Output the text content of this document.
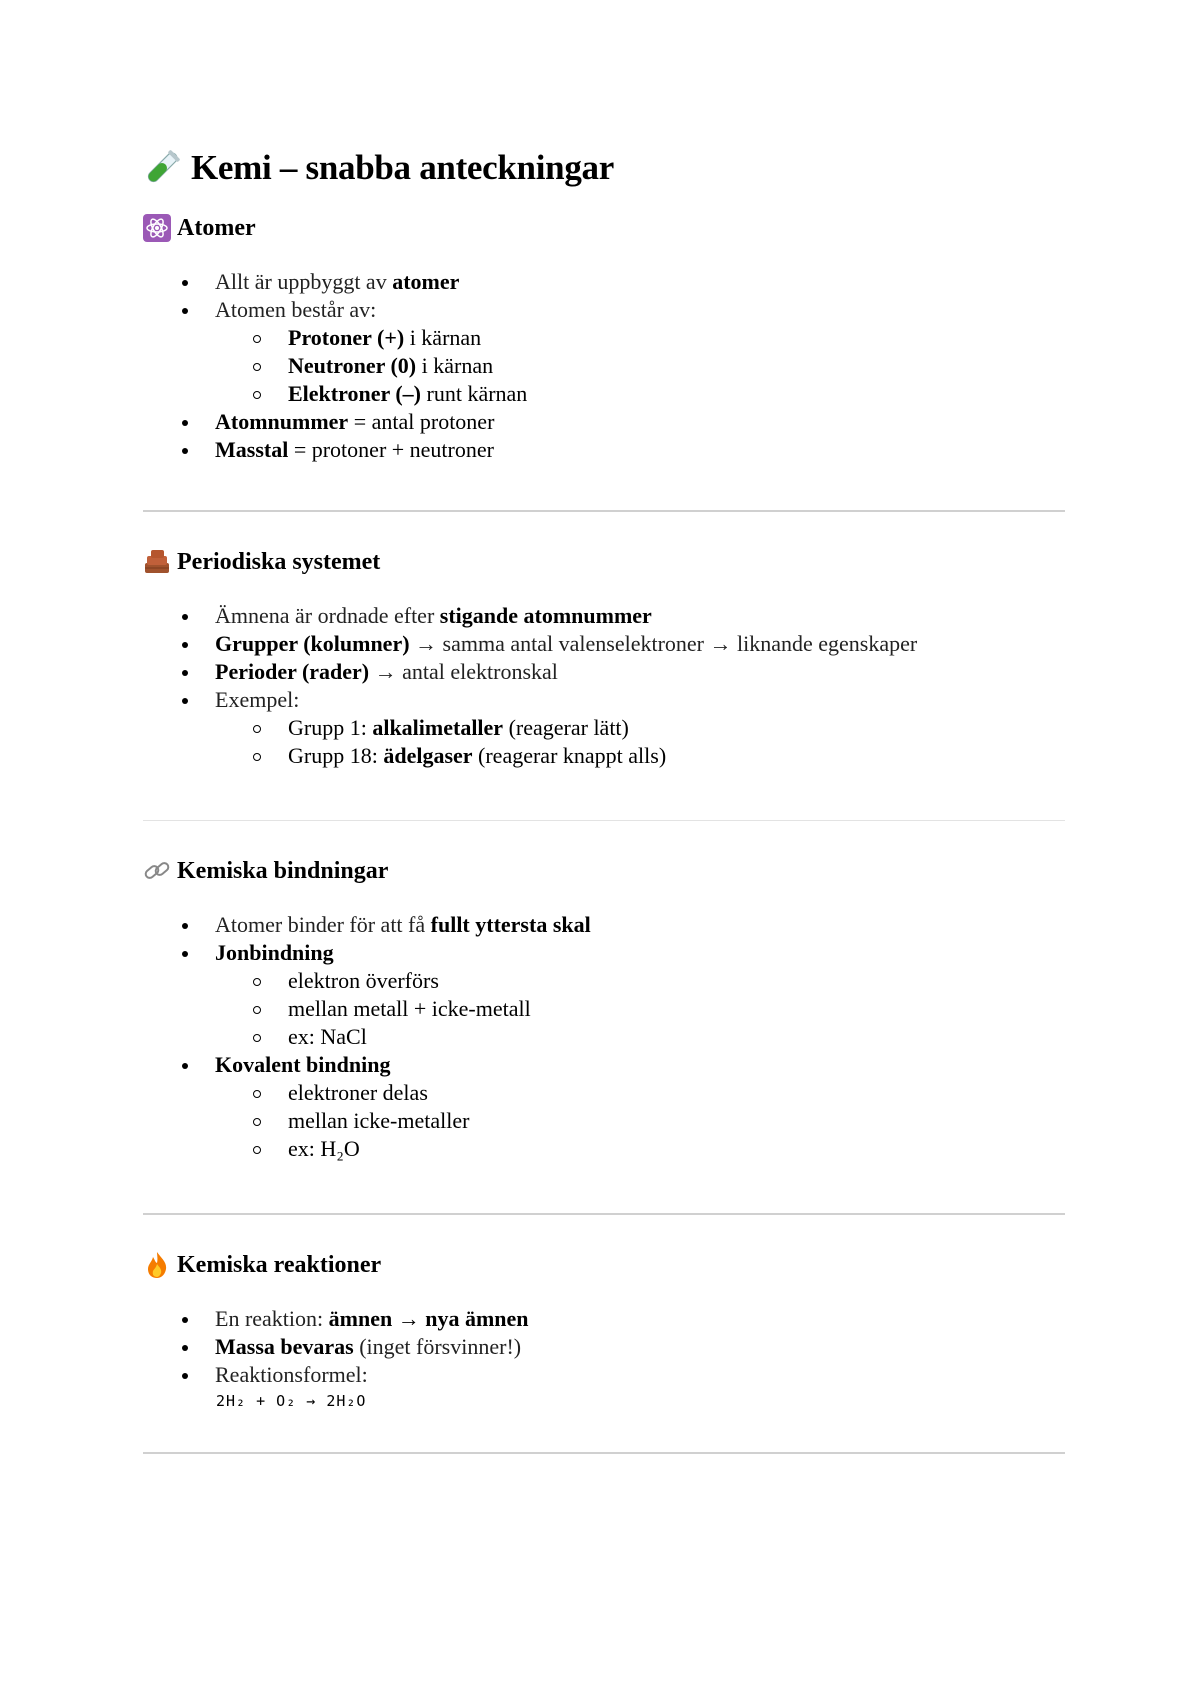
Kemi – snabba anteckningar
Atomer
Allt är uppbyggt av atomer
Atomen består av:
Protoner (+) i kärnan
Neutroner (0) i kärnan
Elektroner (–) runt kärnan
Atomnummer = antal protoner
Masstal = protoner + neutroner
Periodiska systemet
Ämnena är ordnade efter stigande atomnummer
Grupper (kolumner) → samma antal valenselektroner → liknande egenskaper
Perioder (rader) → antal elektronskal
Exempel:
Grupp 1: alkalimetaller (reagerar lätt)
Grupp 18: ädelgaser (reagerar knappt alls)
Kemiska bindningar
Atomer binder för att få fullt yttersta skal
Jonbindning
elektron överförs
mellan metall + icke-metall
ex: NaCl
Kovalent bindning
elektroner delas
mellan icke-metaller
ex: H₂O
Kemiska reaktioner
En reaktion: ämnen → nya ämnen
Massa bevaras (inget försvinner!)
Reaktionsformel:
2H₂ + O₂ → 2H₂O
